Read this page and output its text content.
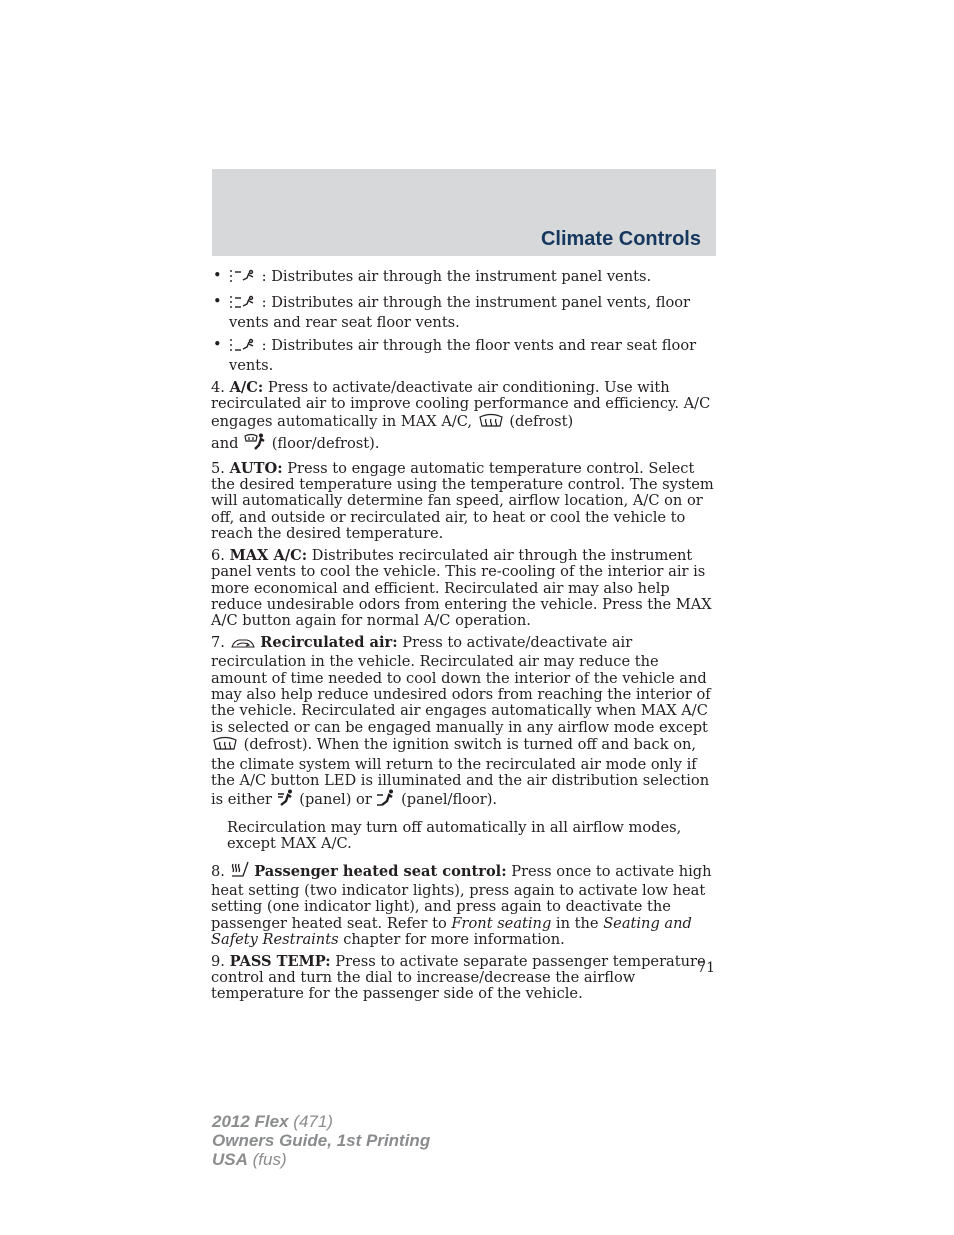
Climate Controls
•	: Distributes air through the instrument panel vents.
•	: Distributes air through the instrument panel vents, floor vents and rear seat floor vents.
•	: Distributes air through the floor vents and rear seat floor vents.

4. A/C: Press to activate/deactivate air conditioning. Use with recirculated air to improve cooling performance and efficiency. A/C engages automatically in MAX A/C,  (defrost)
and  (floor/defrost).

5. AUTO: Press to engage automatic temperature control. Select the desired temperature using the temperature control. The system will automatically determine fan speed, airflow location, A/C on or off, and outside or recirculated air, to heat or cool the vehicle to reach the desired temperature.

6. MAX A/C: Distributes recirculated air through the instrument panel vents to cool the vehicle. This re-cooling of the interior air is more economical and efficient. Recirculated air may also help reduce undesirable odors from entering the vehicle. Press the MAX A/C button again for normal A/C operation.

7. Recirculated air: Press to activate/deactivate air recirculation in the vehicle. Recirculated air may reduce the amount of time needed to cool down the interior of the vehicle and may also help reduce undesired odors from reaching the interior of the vehicle. Recirculated air engages automatically when MAX A/C is selected or can be engaged manually in any airflow mode except  (defrost). When the ignition switch is turned off and back on, the climate system will return to the recirculated air mode only if the A/C button LED is illuminated and the air distribution selection is either  (panel) or  (panel/floor).

Recirculation may turn off automatically in all airflow modes, except MAX A/C.

8. Passenger heated seat control: Press once to activate high heat setting (two indicator lights), press again to activate low heat setting (one indicator light), and press again to deactivate the passenger heated seat. Refer to Front seating in the Seating and Safety Restraints chapter for more information.

9. PASS TEMP: Press to activate separate passenger temperature control and turn the dial to increase/decrease the airflow temperature for the passenger side of the vehicle.

71
2012 Flex (471)
Owners Guide, 1st Printing
USA (fus)
